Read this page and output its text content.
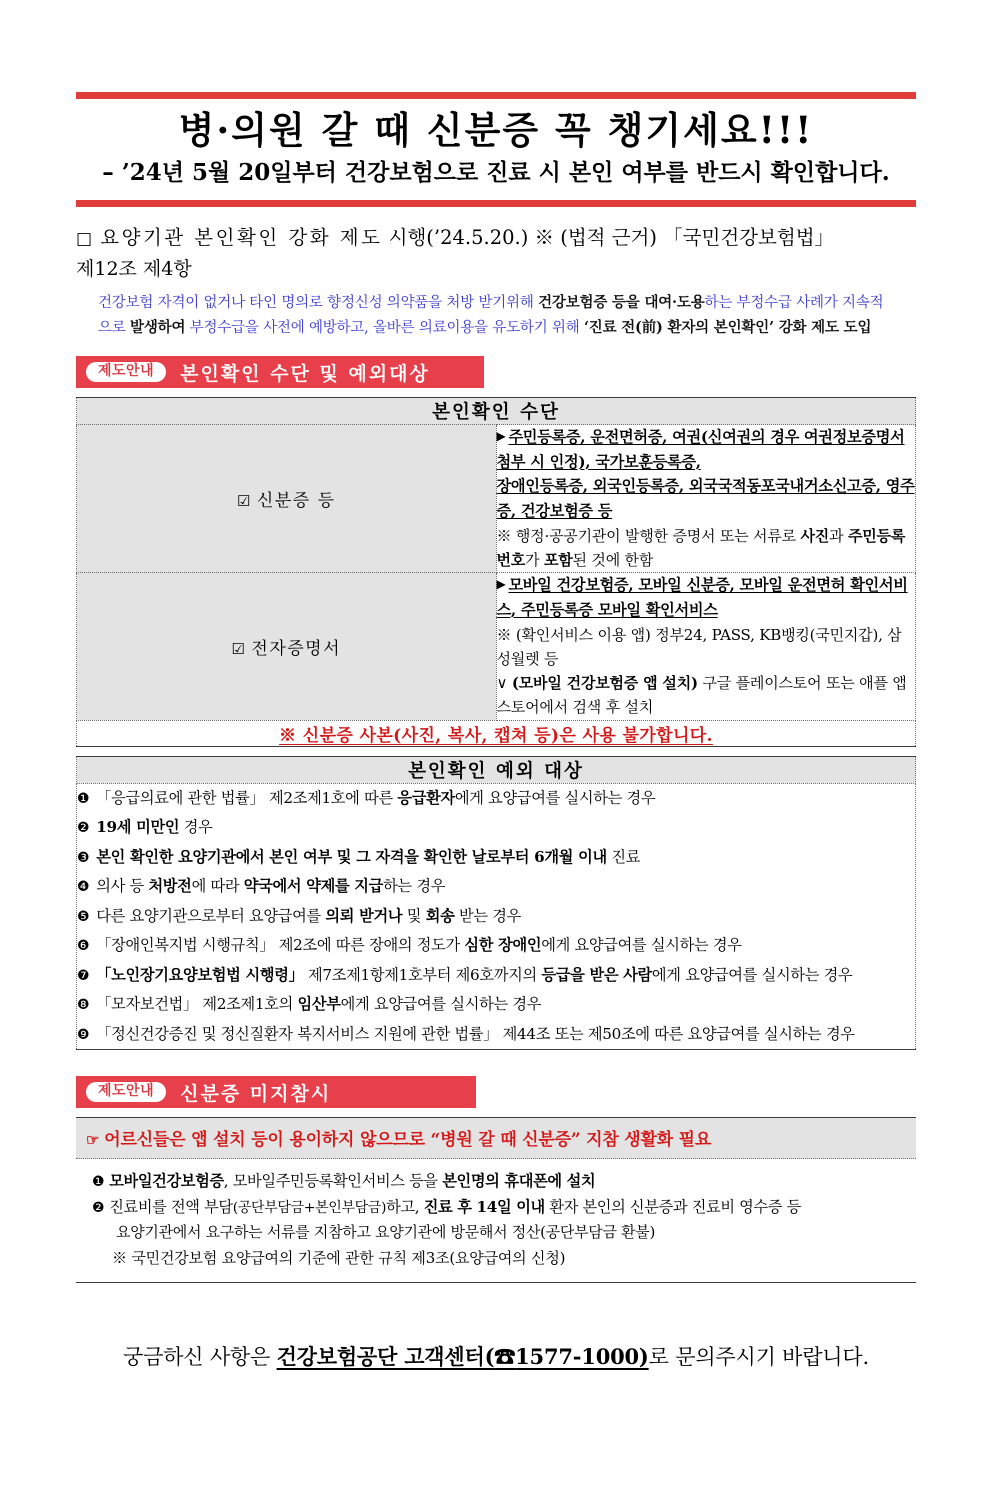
병·의원 갈 때 신분증 꼭 챙기세요!!!
– ’24년 5월 20일부터 건강보험으로 진료 시 본인 여부를 반드시 확인합니다.
□ 요양기관 본인확인 강화 제도 시행(’24.5.20.) ※ (법적 근거) 「국민건강보험법」
제12조 제4항
건강보험 자격이 없거나 타인 명의로 향정신성 의약품을 처방 받기위해 건강보험증 등을 대여·도용하는 부정수급 사례가 지속적
으로 발생하여 부정수급을 사전에 예방하고, 올바른 의료이용을 유도하기 위해 ‘진료 전(前) 환자의 본인확인’ 강화 제도 도입
제도안내	본인확인 수단 및 예외대상
본인확인 수단	
☑ 신분증 등	▶ 주민등록증, 운전면허증, 여권(신여권의 경우 여권정보증명서 첨부 시 인정), 국가보훈등록증,
장애인등록증, 외국인등록증, 외국국적동포국내거소신고증, 영주증, 건강보험증 등
※ 행정·공공기관이 발행한 증명서 또는 서류로 사진과 주민등록번호가 포함된 것에 한함

☑ 전자증명서	▶ 모바일 건강보험증, 모바일 신분증, 모바일 운전면허 확인서비스, 주민등록증 모바일 확인서비스
※ (확인서비스 이용 앱) 정부24, PASS, KB뱅킹(국민지갑), 삼성월렛 등
∨ (모바일 건강보험증 앱 설치) 구글 플레이스토어 또는 애플 앱스토어에서 검색 후 설치

※ 신분증 사본(사진, 복사, 캡쳐 등)은 사용 불가합니다.	
본인확인 예외 대상

❶ 「응급의료에 관한 법률」 제2조제1호에 따른 응급환자에게 요양급여를 실시하는 경우
❷ 19세 미만인 경우
❸ 본인 확인한 요양기관에서 본인 여부 및 그 자격을 확인한 날로부터 6개월 이내 진료
❹ 의사 등 처방전에 따라 약국에서 약제를 지급하는 경우
❺ 다른 요양기관으로부터 요양급여를 의뢰 받거나 및 회송 받는 경우
❻ 「장애인복지법 시행규칙」 제2조에 따른 장애의 정도가 심한 장애인에게 요양급여를 실시하는 경우
❼ 「노인장기요양보험법 시행령」 제7조제1항제1호부터 제6호까지의 등급을 받은 사람에게 요양급여를 실시하는 경우
❽ 「모자보건법」 제2조제1호의 임산부에게 요양급여를 실시하는 경우
❾ 「정신건강증진 및 정신질환자 복지서비스 지원에 관한 법률」 제44조 또는 제50조에 따른 요양급여를 실시하는 경우
제도안내	신분증 미지참시
☞ 어르신들은 앱 설치 등이 용이하지 않으므로 “병원 갈 때 신분증” 지참 생활화 필요
❶ 모바일건강보험증, 모바일주민등록확인서비스 등을 본인명의 휴대폰에 설치
❷ 진료비를 전액 부담(공단부담금+본인부담금)하고, 진료 후 14일 이내 환자 본인의 신분증과 진료비 영수증 등
요양기관에서 요구하는 서류를 지참하고 요양기관에 방문해서 정산(공단부담금 환불)
※ 국민건강보험 요양급여의 기준에 관한 규칙 제3조(요양급여의 신청)
궁금하신 사항은 건강보험공단 고객센터(☎1577-1000)로 문의주시기 바랍니다.
